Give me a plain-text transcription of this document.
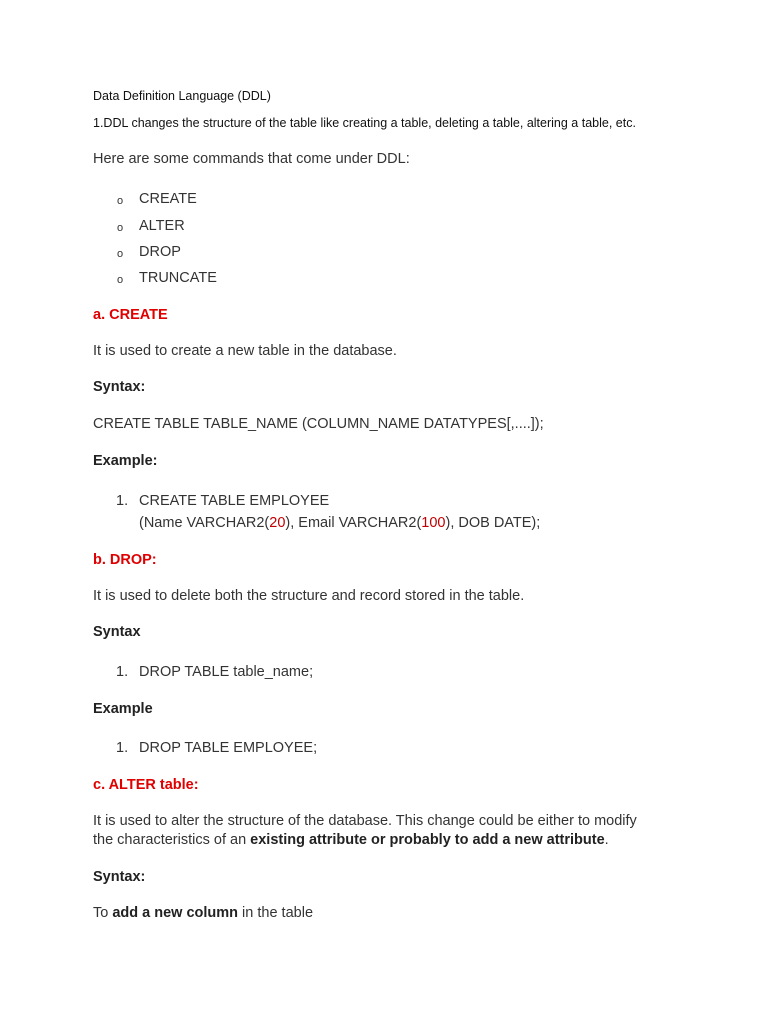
Data Definition Language (DDL)
1.DDL changes the structure of the table like creating a table, deleting a table, altering a table, etc.
Here are some commands that come under DDL:
o CREATE
o ALTER
o DROP
o TRUNCATE
a. CREATE
It is used to create a new table in the database.
Syntax:
CREATE TABLE TABLE_NAME (COLUMN_NAME DATATYPES[,....]);
Example:
1. CREATE TABLE EMPLOYEE
(Name VARCHAR2(20), Email VARCHAR2(100), DOB DATE);
b. DROP:
It is used to delete both the structure and record stored in the table.
Syntax
1. DROP TABLE table_name;
Example
1. DROP TABLE EMPLOYEE;
c. ALTER table:
It is used to alter the structure of the database. This change could be either to modify
the characteristics of an existing attribute or probably to add a new attribute.
Syntax:
To add a new column in the table
